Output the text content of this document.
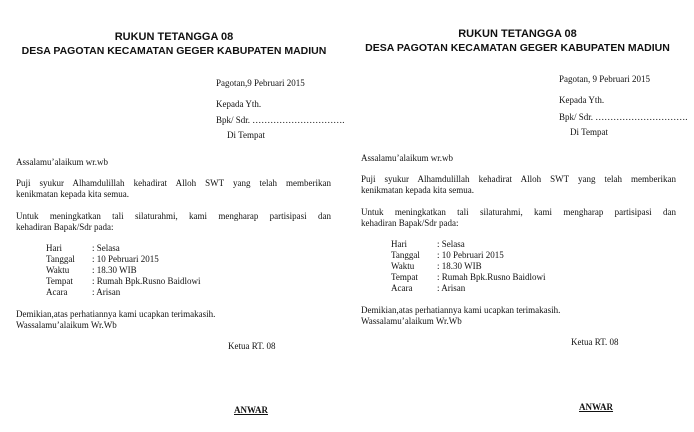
RUKUN TETANGGA 08
DESA PAGOTAN KECAMATAN GEGER KABUPATEN MADIUN
Pagotan,9 Pebruari 2015
Kepada Yth.
Bpk/ Sdr. ………………………….
Di Tempat
Assalamu’alaikum wr.wb
Puji syukur Alhamdulillah kehadirat Alloh SWT yang telah memberikan
kenikmatan kepada kita semua.
Untuk meningkatkan tali silaturahmi, kami mengharap partisipasi dan
kehadiran Bapak/Sdr pada:
Hari	: Selasa
Tanggal : 10 Pebruari 2015
Waktu	: 18.30 WIB
Tempat : Rumah Bpk.Rusno Baidlowi
Acara	: Arisan
Demikian,atas perhatiannya kami ucapkan terimakasih.
Wassalamu’alaikum Wr.Wb
Ketua RT. 08
ANWAR
RUKUN TETANGGA 08
DESA PAGOTAN KECAMATAN GEGER KABUPATEN MADIUN
Pagotan, 9 Pebruari 2015
Kepada Yth.
Bpk/ Sdr. ………………………….
Di Tempat
Assalamu’alaikum wr.wb
Puji syukur Alhamdulillah kehadirat Alloh SWT yang telah memberikan
kenikmatan kepada kita semua.
Untuk meningkatkan tali silaturahmi, kami mengharap partisipasi dan
kehadiran Bapak/Sdr pada:
Hari	: Selasa
Tanggal : 10 Pebruari 2015
Waktu	: 18.30 WIB
Tempat : Rumah Bpk.Rusno Baidlowi
Acara	: Arisan
Demikian,atas perhatiannya kami ucapkan terimakasih.
Wassalamu’alaikum Wr.Wb
Ketua RT. 08
ANWAR
